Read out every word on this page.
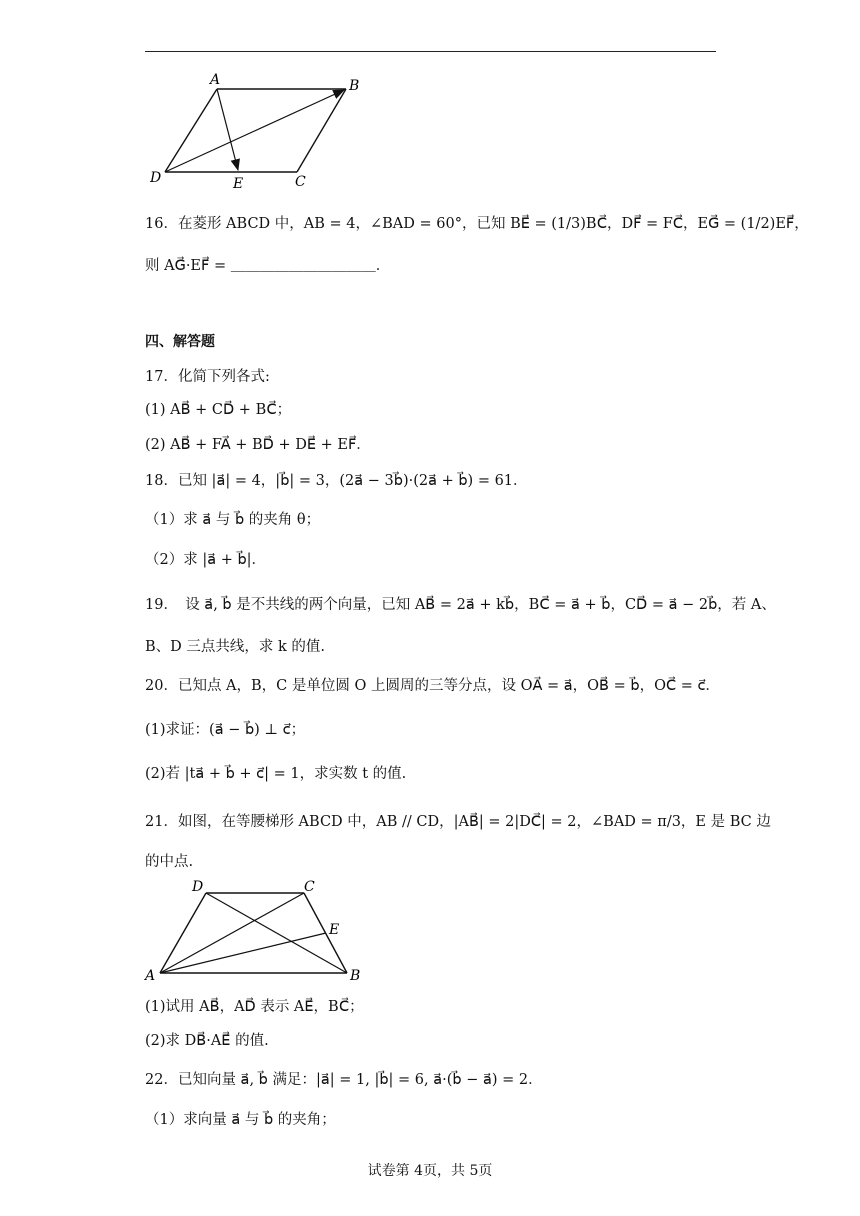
A	B
C
D	E
16．在菱形 ABCD 中，AB = 4，∠BAD = 60°，已知 BE⃗ = (1/3)BC⃗，DF⃗ = FC⃗，EG⃗ = (1/2)EF⃗，
则 AG⃗·EF⃗ = ＿＿＿＿＿＿＿＿＿＿．
四、解答题
17．化简下列各式:
(1) AB⃗ + CD⃗ + BC⃗；
(2) AB⃗ + FA⃗ + BD⃗ + DE⃗ + EF⃗．
18．已知 |a⃗| = 4，|b⃗| = 3，(2a⃗ − 3b⃗)·(2a⃗ + b⃗) = 61．
（1）求 a⃗ 与 b⃗ 的夹角 θ；
（2）求 |a⃗ + b⃗|．
19．　设 a⃗, b⃗ 是不共线的两个向量，已知 AB⃗ = 2a⃗ + kb⃗，BC⃗ = a⃗ + b⃗，CD⃗ = a⃗ − 2b⃗，若 A、
B、D 三点共线，求 k 的值.
20．已知点 A，B，C 是单位圆 O 上圆周的三等分点，设 OA⃗ = a⃗，OB⃗ = b⃗，OC⃗ = c⃗．
(1)求证：(a⃗ − b⃗) ⊥ c⃗；
(2)若 |ta⃗ + b⃗ + c⃗| = 1，求实数 t 的值.
21．如图，在等腰梯形 ABCD 中，AB // CD，|AB⃗| = 2|DC⃗| = 2，∠BAD = π/3，E 是 BC 边
的中点.
D	C
E
A	B
(1)试用 AB⃗，AD⃗ 表示 AE⃗，BC⃗；
(2)求 DB⃗·AE⃗ 的值.
22．已知向量 a⃗, b⃗ 满足：|a⃗| = 1, |b⃗| = 6, a⃗·(b⃗ − a⃗) = 2．
（1）求向量 a⃗ 与 b⃗ 的夹角；
试卷第 4页，共 5页
